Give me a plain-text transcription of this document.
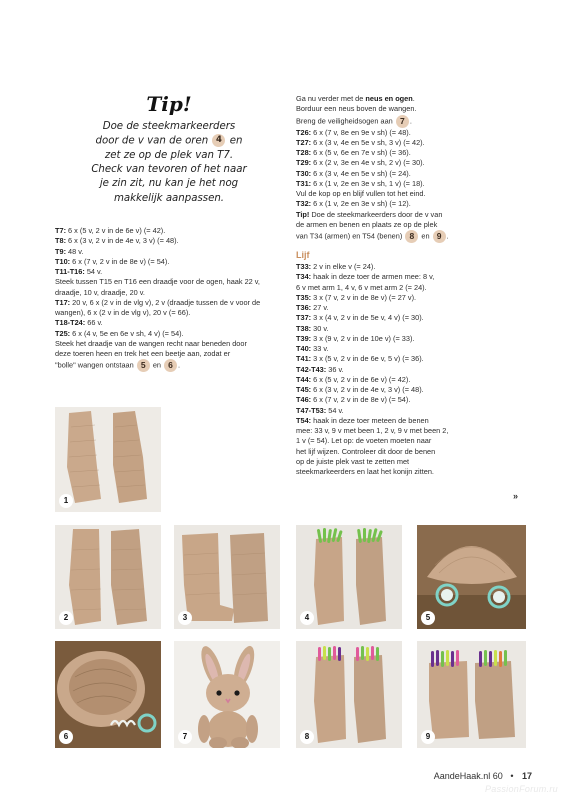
Tip!
Doe de steekmarkeerders
door de v van de oren 4 en
zet ze op de plek van T7.
Check van tevoren of het naar
je zin zit, nu kan je het nog
makkelijk aanpassen.

T7: 6 x (5 v, 2 v in de 6e v) (= 42).

T8: 6 x (3 v, 2 v in de 4e v, 3 v) (= 48).

T9: 48 v.

T10: 6 x (7 v, 2 v in de 8e v) (= 54).

T11-T16: 54 v.

Steek tussen T15 en T16 een draadje voor de ogen, haak 22 v,

draadje, 10 v, draadje, 20 v.

T17: 20 v, 6 x (2 v in de vlg v), 2 v (draadje tussen de v voor de

wangen), 6 x (2 v in de vlg v), 20 v (= 66).

T18-T24: 66 v.

T25: 6 x (4 v, 5e en 6e v sh, 4 v) (= 54).

Steek het draadje van de wangen recht naar beneden door

deze toeren heen en trek het een beetje aan, zodat er

"bolle" wangen ontstaan 5 en 6 .

Ga nu verder met de neus en ogen.

Borduur een neus boven de wangen.

Breng de veiligheidsogen aan 7 .

T26: 6 x (7 v, 8e en 9e v sh) (= 48).

T27: 6 x (3 v, 4e en 5e v sh, 3 v) (= 42).

T28: 6 x (5 v, 6e en 7e v sh) (= 36).

T29: 6 x (2 v, 3e en 4e v sh, 2 v) (= 30).

T30: 6 x (3 v, 4e en 5e v sh) (= 24).

T31: 6 x (1 v, 2e en 3e v sh, 1 v) (= 18).

Vul de kop op en blijf vullen tot het eind.

T32: 6 x (1 v, 2e en 3e v sh) (= 12).

Tip! Doe de steekmarkeerders door de v van

de armen en benen en plaats ze op de plek

van T34 (armen) en T54 (benen) 8 en 9 .

Lijf

T33: 2 v in elke v (= 24).

T34: haak in deze toer de armen mee: 8 v,

6 v met arm 1, 4 v, 6 v met arm 2 (= 24).

T35: 3 x (7 v, 2 v in de 8e v) (= 27 v).

T36: 27 v.

T37: 3 x (4 v, 2 v in de 5e v, 4 v) (= 30).

T38: 30 v.

T39: 3 x (9 v, 2 v in de 10e v) (= 33).

T40: 33 v.

T41: 3 x (5 v, 2 v in de 6e v, 5 v) (= 36).

T42-T43: 36 v.

T44: 6 x (5 v, 2 v in de 6e v) (= 42).

T45: 6 x (3 v, 2 v in de 4e v, 3 v) (= 48).

T46: 6 x (7 v, 2 v in de 8e v) (= 54).

T47-T53: 54 v.

T54: haak in deze toer meteen de benen

mee: 33 v, 9 v met been 1, 2 v, 9 v met been 2,

1 v (= 54). Let op: de voeten moeten naar

het lijf wijzen. Controleer dit door de benen

op de juiste plek vast te zetten met

steekmarkeerders en laat het konijn zitten.

»
1
2	3	4	5
6	7	8	9
AandeHaak.nl 60 • 17
PassionForum.ru
